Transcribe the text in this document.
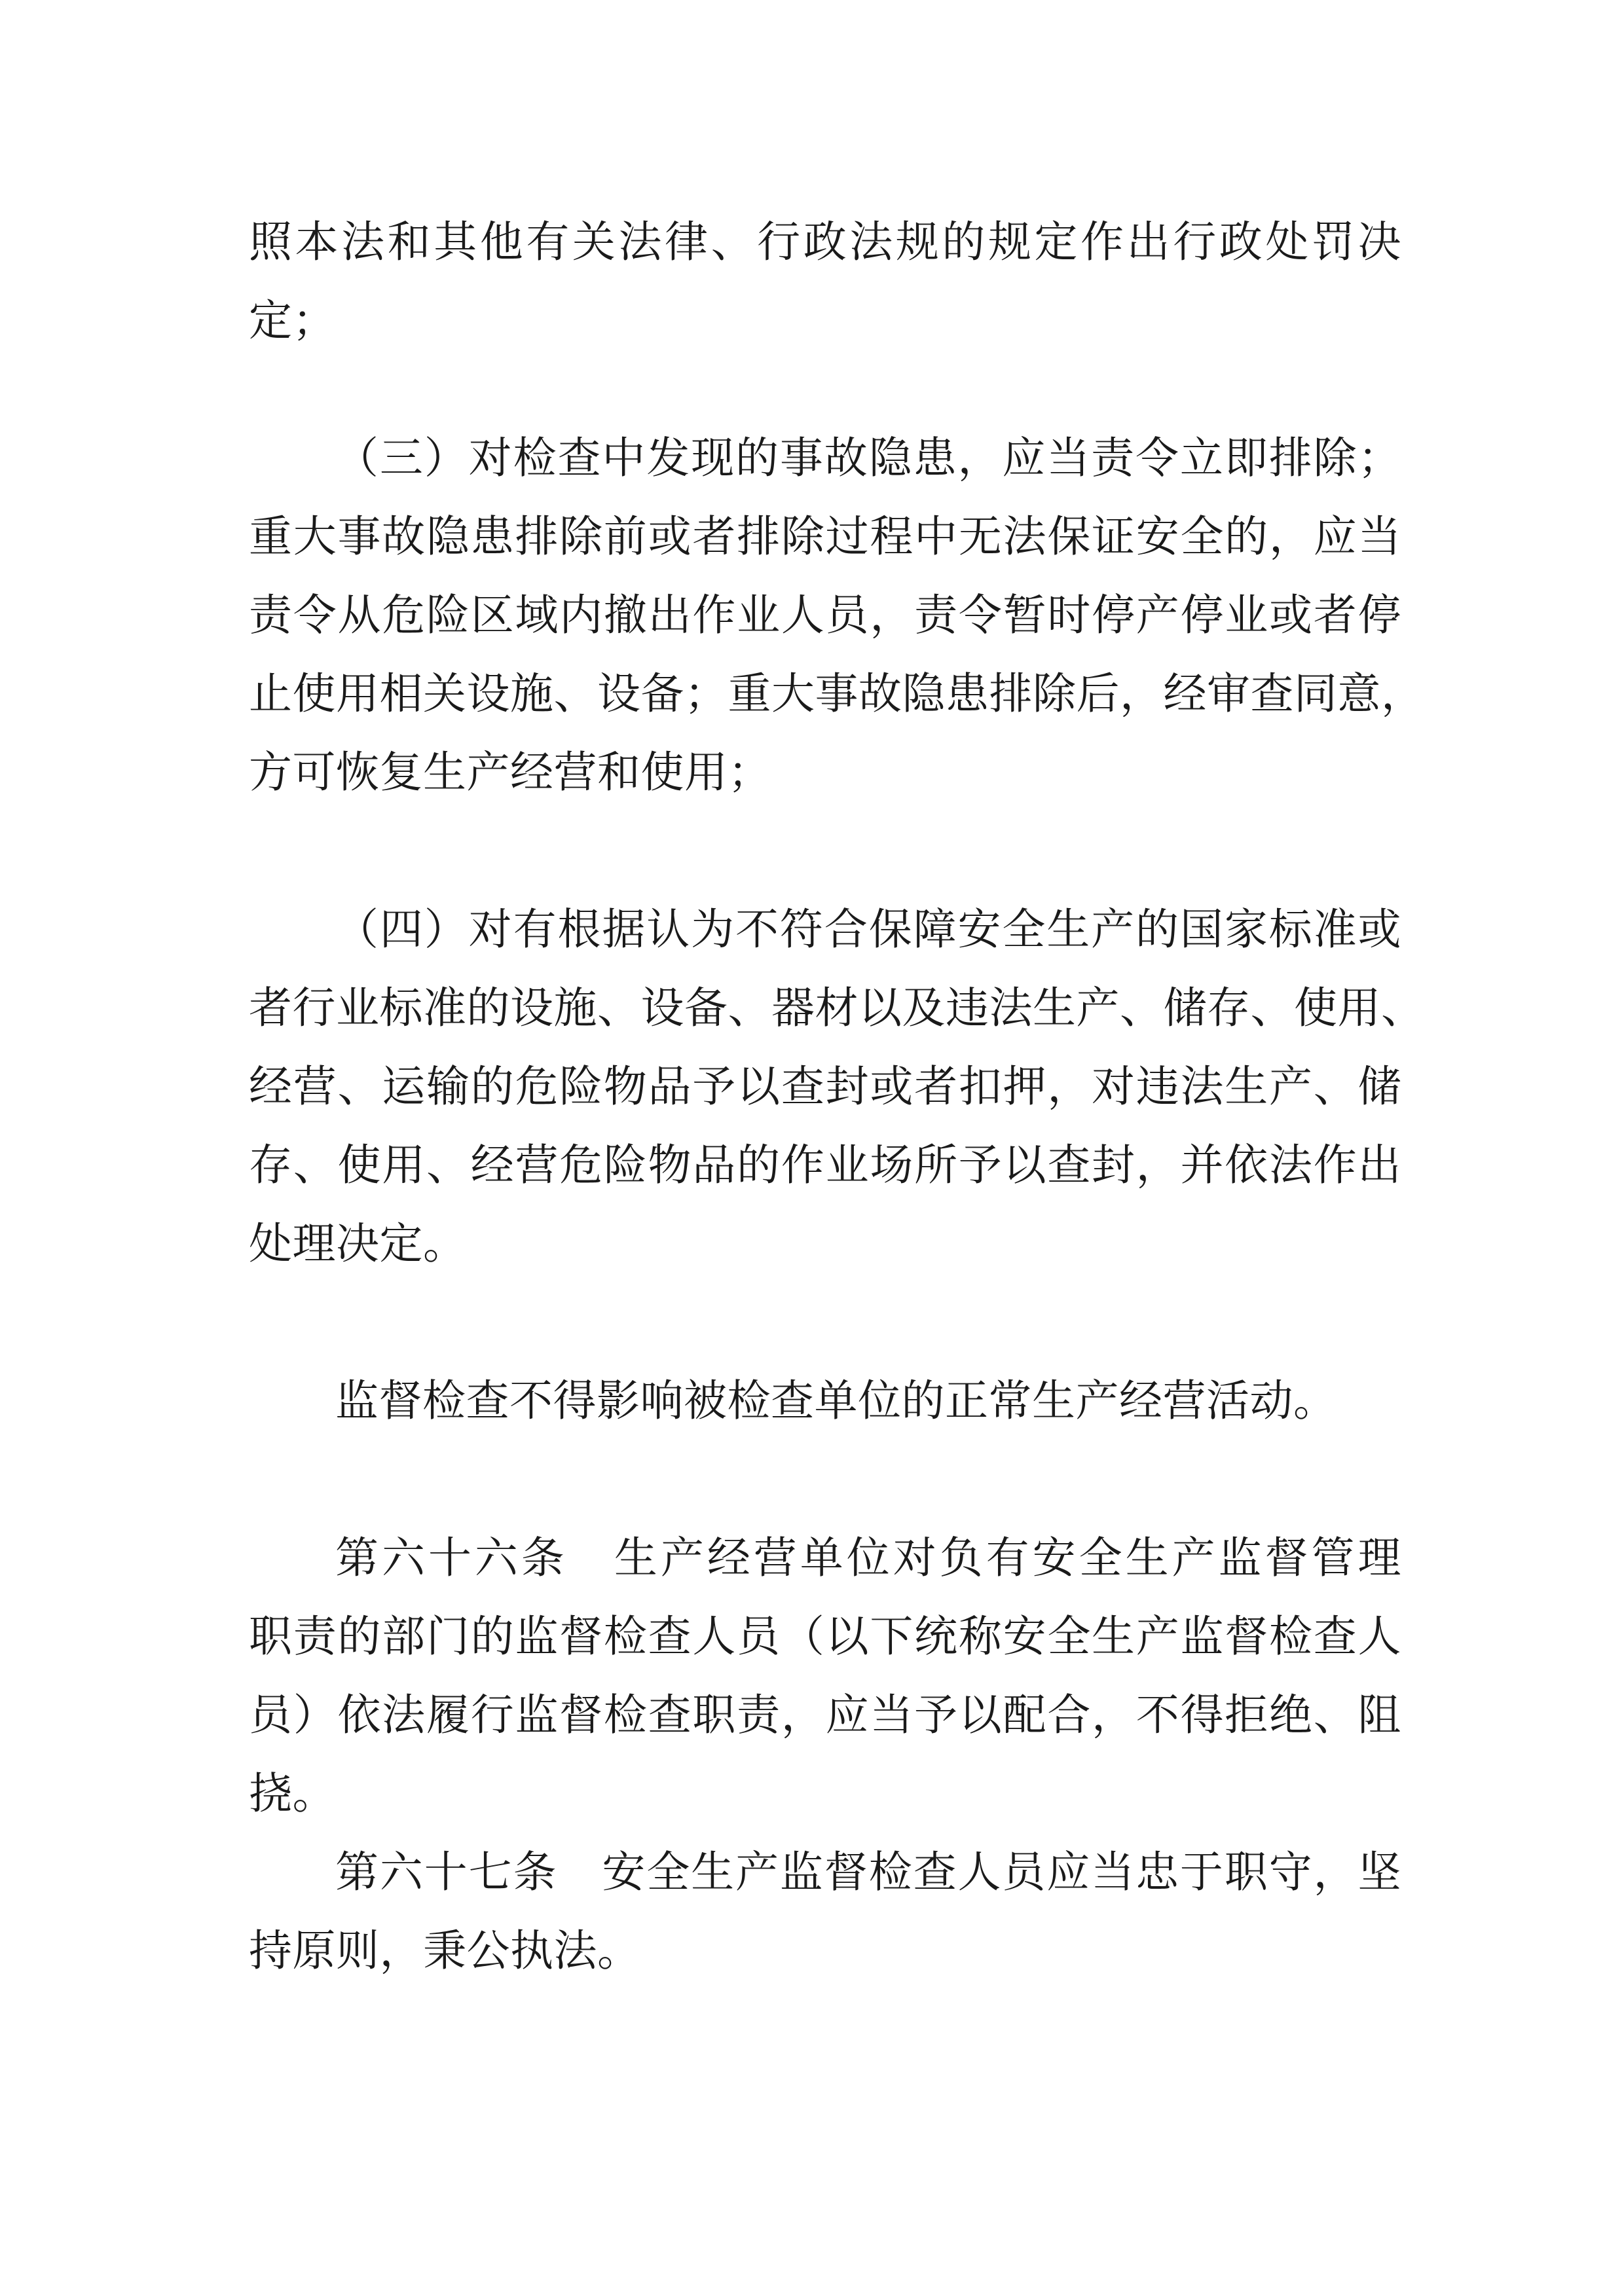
照本法和其他有关法律、行政法规的规定作出行政处罚决
定；
（三）对检查中发现的事故隐患，应当责令立即排除；
重大事故隐患排除前或者排除过程中无法保证安全的，应当
责令从危险区域内撤出作业人员，责令暂时停产停业或者停
止使用相关设施、设备；重大事故隐患排除后，经审查同意，
方可恢复生产经营和使用；
（四）对有根据认为不符合保障安全生产的国家标准或
者行业标准的设施、设备、器材以及违法生产、储存、使用、
经营、运输的危险物品予以查封或者扣押，对违法生产、储
存、使用、经营危险物品的作业场所予以查封，并依法作出
处理决定。
监督检查不得影响被检查单位的正常生产经营活动。
第六十六条　生产经营单位对负有安全生产监督管理
职责的部门的监督检查人员（以下统称安全生产监督检查人
员）依法履行监督检查职责，应当予以配合，不得拒绝、阻
挠。
第六十七条　安全生产监督检查人员应当忠于职守，坚
持原则，秉公执法。
